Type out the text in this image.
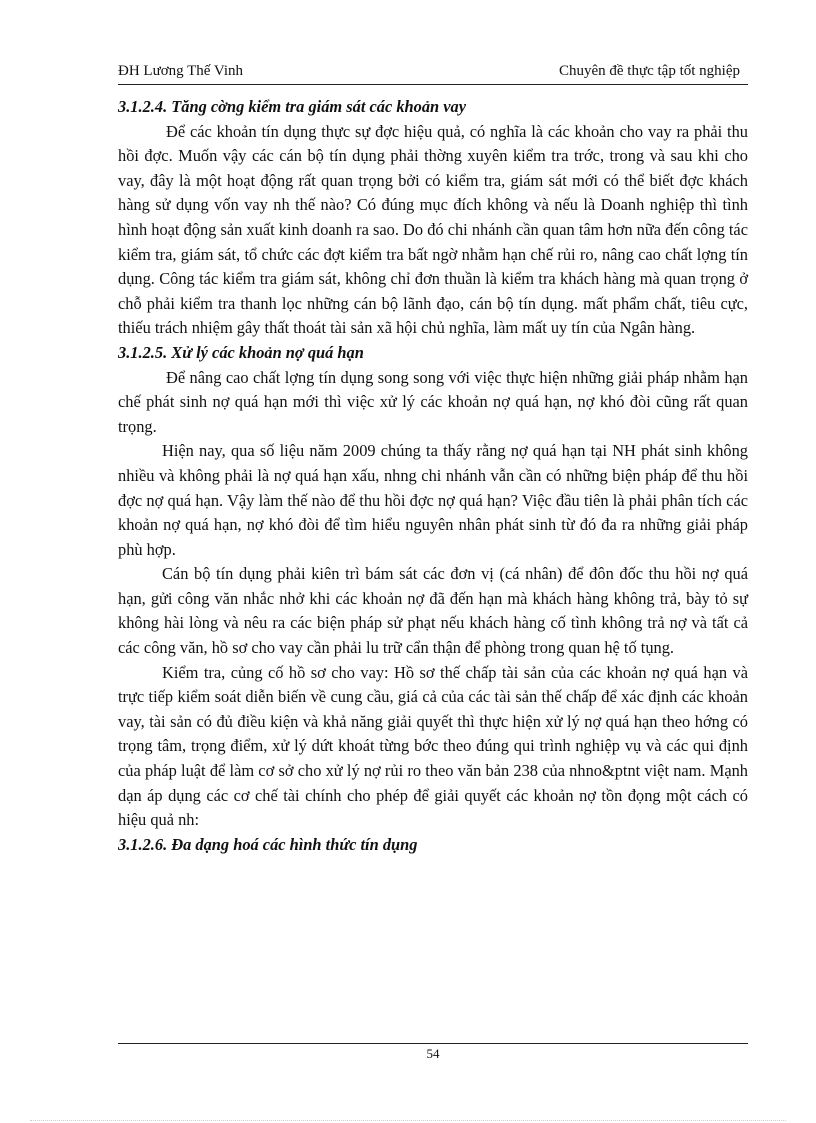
ĐH Lương Thế Vinh	Chuyên đề thực tập tốt nghiệp

3.1.2.4. Tăng cờng kiểm tra giám sát các khoản vay

Để các khoản tín dụng thực sự đợc hiệu quả, có nghĩa là các khoản cho vay ra phải thu hồi đợc. Muốn vậy các cán bộ tín dụng phải thờng xuyên kiểm tra trớc, trong và sau khi cho vay, đây là một hoạt động rất quan trọng bởi có kiểm tra, giám sát mới có thể biết đợc khách hàng sử dụng vốn vay nh thế nào? Có đúng mục đích không và nếu là Doanh nghiệp thì tình hình hoạt động sản xuất kinh doanh ra sao. Do đó chi nhánh cần quan tâm hơn nữa đến công tác kiểm tra, giám sát, tổ chức các đợt kiểm tra bất ngờ nhằm hạn chế rủi ro, nâng cao chất lợng tín dụng. Công tác kiểm tra giám sát, không chỉ đơn thuần là kiểm tra khách hàng mà quan trọng ở chỗ phải kiểm tra thanh lọc những cán bộ lãnh đạo, cán bộ tín dụng. mất phẩm chất, tiêu cực, thiếu trách nhiệm gây thất thoát tài sản xã hội chủ nghĩa, làm mất uy tín của Ngân hàng.

3.1.2.5. Xử lý các khoản nợ quá hạn

Để nâng cao chất lợng tín dụng song song với việc thực hiện những giải pháp nhằm hạn chế phát sinh nợ quá hạn mới thì việc xử lý các khoản nợ quá hạn, nợ khó đòi cũng rất quan trọng.

Hiện nay, qua số liệu năm 2009 chúng ta thấy rằng nợ quá hạn tại NH phát sinh không nhiều và không phải là nợ quá hạn xấu, nhng chi nhánh vẫn cần có những biện pháp để thu hồi đợc nợ quá hạn. Vậy làm thế nào để thu hồi đợc nợ quá hạn? Việc đầu tiên là phải phân tích các khoản nợ quá hạn, nợ khó đòi để tìm hiểu nguyên nhân phát sinh từ đó đa ra những giải pháp phù hợp.

Cán bộ tín dụng phải kiên trì bám sát các đơn vị (cá nhân) để đôn đốc thu hồi nợ quá hạn, gửi công văn nhắc nhở khi các khoản nợ đã đến hạn mà khách hàng không trả, bày tỏ sự không hài lòng và nêu ra các biện pháp sử phạt nếu khách hàng cố tình không trả nợ và tất cả các công văn, hồ sơ cho vay cần phải lu trữ cẩn thận để phòng trong quan hệ tố tụng.

Kiểm tra, củng cố hồ sơ cho vay: Hồ sơ thế chấp tài sản của các khoản nợ quá hạn và trực tiếp kiểm soát diễn biến về cung cầu, giá cả của các tài sản thế chấp để xác định các khoản vay, tài sản có đủ điều kiện và khả năng giải quyết thì thực hiện xử lý nợ quá hạn theo hớng có trọng tâm, trọng điểm, xử lý dứt khoát từng bớc theo đúng qui trình nghiệp vụ và các qui định của pháp luật để làm cơ sở cho xử lý nợ rủi ro theo văn bản 238 của nhno&ptnt việt nam. Mạnh dạn áp dụng các cơ chế tài chính cho phép để giải quyết các khoản nợ tồn đọng một cách có hiệu quả nh:

3.1.2.6. Đa dạng hoá các hình thức tín dụng

54
